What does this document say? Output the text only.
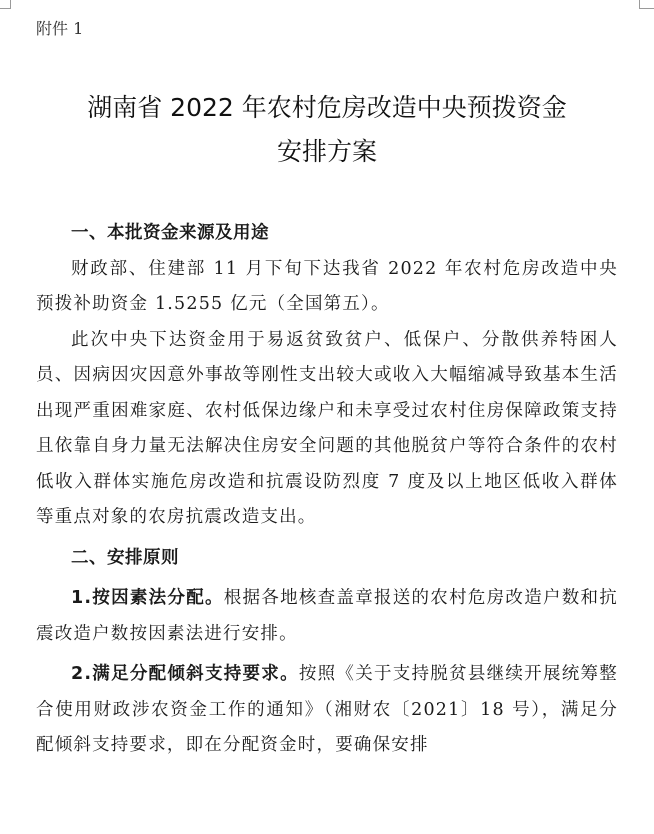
附件 1
湖南省 2022 年农村危房改造中央预拨资金
安排方案

一、本批资金来源及用途

财政部、住建部 11 月下旬下达我省 2022 年农村危房改造中央预拨补助资金 1.5255 亿元（全国第五）。

此次中央下达资金用于易返贫致贫户、低保户、分散供养特困人员、因病因灾因意外事故等刚性支出较大或收入大幅缩减导致基本生活出现严重困难家庭、农村低保边缘户和未享受过农村住房保障政策支持且依靠自身力量无法解决住房安全问题的其他脱贫户等符合条件的农村低收入群体实施危房改造和抗震设防烈度 7 度及以上地区低收入群体等重点对象的农房抗震改造支出。

二、安排原则

1.按因素法分配。根据各地核查盖章报送的农村危房改造户数和抗震改造户数按因素法进行安排。

2.满足分配倾斜支持要求。按照《关于支持脱贫县继续开展统筹整合使用财政涉农资金工作的通知》（湘财农〔2021〕18 号），满足分配倾斜支持要求，即在分配资金时，要确保安排
